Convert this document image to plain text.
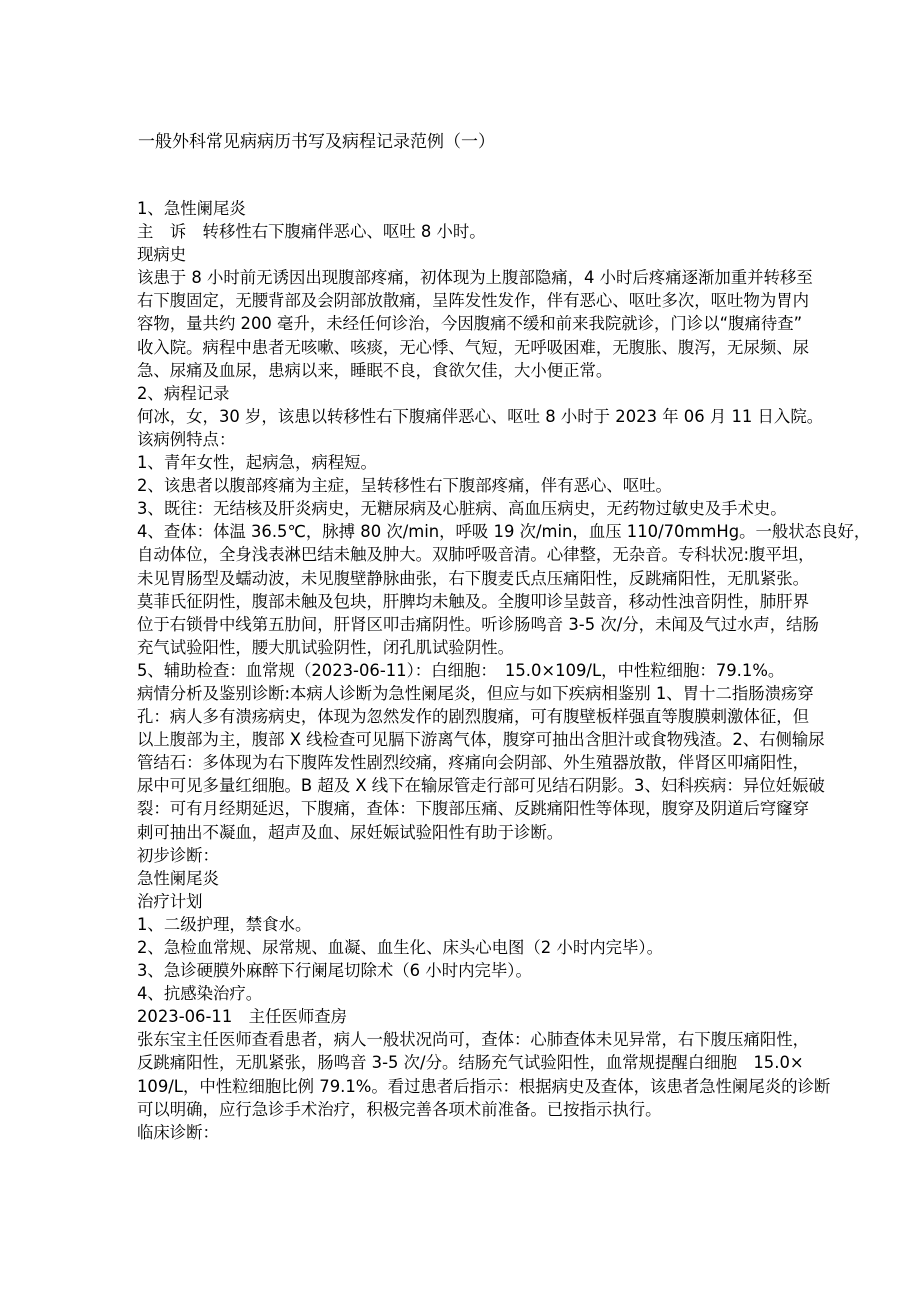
一般外科常见病病历书写及病程记录范例（一）
1、急性阑尾炎
主　诉　转移性右下腹痛伴恶心、呕吐 8 小时。
现病史
该患于 8 小时前无诱因出现腹部疼痛，初体现为上腹部隐痛，4 小时后疼痛逐渐加重并转移至
右下腹固定，无腰背部及会阴部放散痛，呈阵发性发作，伴有恶心、呕吐多次，呕吐物为胃内
容物，量共约 200 毫升，未经任何诊治，今因腹痛不缓和前来我院就诊，门诊以“腹痛待查”
收入院。病程中患者无咳嗽、咳痰，无心悸、气短，无呼吸困难，无腹胀、腹泻，无尿频、尿
急、尿痛及血尿，患病以来，睡眠不良，食欲欠佳，大小便正常。
2、病程记录
何冰，女，30 岁，该患以转移性右下腹痛伴恶心、呕吐 8 小时于 2023 年 06 月 11 日入院。
该病例特点：
1、青年女性，起病急，病程短。
2、该患者以腹部疼痛为主症，呈转移性右下腹部疼痛，伴有恶心、呕吐。
3、既往：无结核及肝炎病史，无糖尿病及心脏病、高血压病史，无药物过敏史及手术史。
4、查体：体温 36.5℃，脉搏 80 次/min，呼吸 19 次/min，血压 110/70mmHg。一般状态良好，
自动体位，全身浅表淋巴结未触及肿大。双肺呼吸音清。心律整，无杂音。专科状况:腹平坦，
未见胃肠型及蠕动波，未见腹壁静脉曲张，右下腹麦氏点压痛阳性，反跳痛阳性，无肌紧张。
莫菲氏征阴性，腹部未触及包块，肝脾均未触及。全腹叩诊呈鼓音，移动性浊音阴性，肺肝界
位于右锁骨中线第五肋间，肝肾区叩击痛阴性。听诊肠鸣音 3-5 次/分，未闻及气过水声，结肠
充气试验阳性，腰大肌试验阴性，闭孔肌试验阴性。
5、辅助检查：血常规（2023-06-11）：白细胞：　15.0×109/L，中性粒细胞：79.1%。
病情分析及鉴别诊断:本病人诊断为急性阑尾炎，但应与如下疾病相鉴别 1、胃十二指肠溃疡穿
孔：病人多有溃疡病史，体现为忽然发作的剧烈腹痛，可有腹壁板样强直等腹膜刺激体征，但
以上腹部为主，腹部 X 线检查可见膈下游离气体，腹穿可抽出含胆汁或食物残渣。2、右侧输尿
管结石：多体现为右下腹阵发性剧烈绞痛，疼痛向会阴部、外生殖器放散，伴肾区叩痛阳性，
尿中可见多量红细胞。B 超及 X 线下在输尿管走行部可见结石阴影。3、妇科疾病：异位妊娠破
裂：可有月经期延迟，下腹痛，查体：下腹部压痛、反跳痛阳性等体现，腹穿及阴道后穹窿穿
刺可抽出不凝血，超声及血、尿妊娠试验阳性有助于诊断。
初步诊断：
急性阑尾炎
治疗计划
1、二级护理，禁食水。
2、急检血常规、尿常规、血凝、血生化、床头心电图（2 小时内完毕）。
3、急诊硬膜外麻醉下行阑尾切除术（6 小时内完毕）。
4、抗感染治疗。
2023-06-11　主任医师查房
张东宝主任医师查看患者，病人一般状况尚可，查体：心肺查体未见异常，右下腹压痛阳性，
反跳痛阳性，无肌紧张，肠鸣音 3-5 次/分。结肠充气试验阳性，血常规提醒白细胞　15.0×
109/L，中性粒细胞比例 79.1%。看过患者后指示：根据病史及查体，该患者急性阑尾炎的诊断
可以明确，应行急诊手术治疗，积极完善各项术前准备。已按指示执行。
临床诊断：
